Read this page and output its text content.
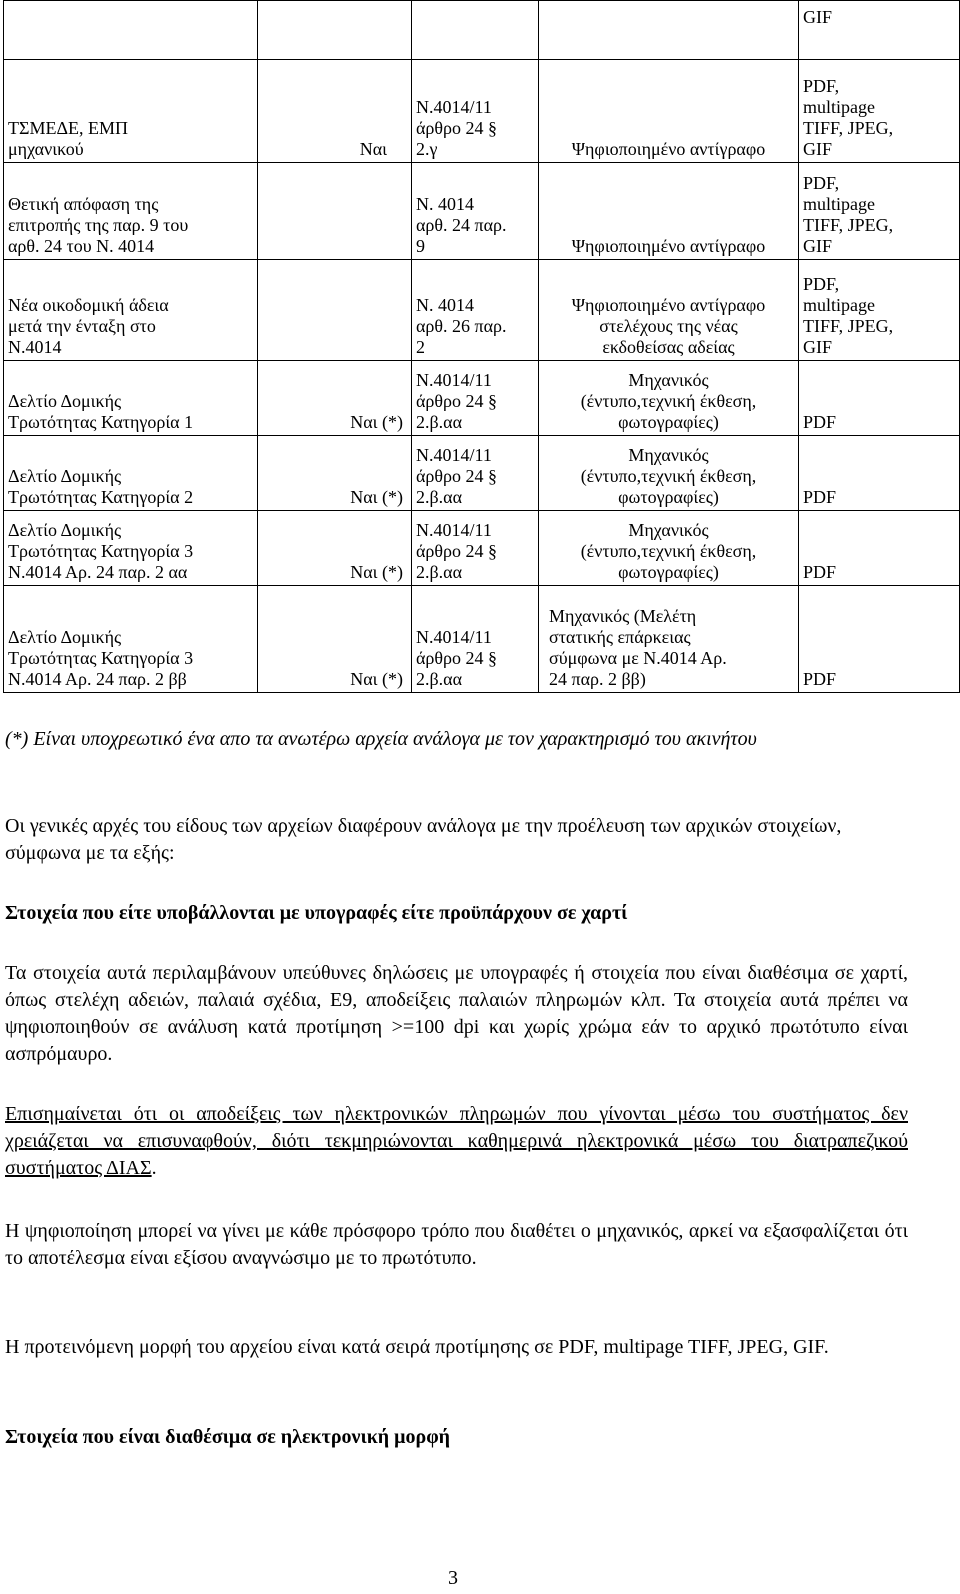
				GIF

ΤΣΜΕΔΕ, ΕΜΠ
μηχανικού	Ναι	Ν.4014/11
άρθρο 24 §
2.γ	Ψηφιοποιημένο αντίγραφο	PDF,
multipage
TIFF, JPEG,
GIF

Θετική απόφαση της
επιτροπής της παρ. 9 του
αρθ. 24 του Ν. 4014		Ν. 4014
αρθ. 24 παρ.
9	Ψηφιοποιημένο αντίγραφο	PDF,
multipage
TIFF, JPEG,
GIF

Νέα οικοδομική άδεια
μετά την ένταξη στο
Ν.4014		Ν. 4014
αρθ. 26 παρ.
2	Ψηφιοποιημένο αντίγραφο
στελέχους της νέας
εκδοθείσας αδείας	PDF,
multipage
TIFF, JPEG,
GIF

Δελτίο Δομικής
Τρωτότητας Κατηγορία 1	Ναι (*)	Ν.4014/11
άρθρο 24 §
2.β.αα	Μηχανικός
(έντυπο,τεχνική έκθεση,
φωτογραφίες)	PDF

Δελτίο Δομικής
Τρωτότητας Κατηγορία 2	Ναι (*)	Ν.4014/11
άρθρο 24 §
2.β.αα	Μηχανικός
(έντυπο,τεχνική έκθεση,
φωτογραφίες)	PDF

Δελτίο Δομικής
Τρωτότητας Κατηγορία 3
Ν.4014 Αρ. 24 παρ. 2 αα	Ναι (*)	Ν.4014/11
άρθρο 24 §
2.β.αα	Μηχανικός
(έντυπο,τεχνική έκθεση,
φωτογραφίες)	PDF

Δελτίο Δομικής
Τρωτότητας Κατηγορία 3
Ν.4014 Αρ. 24 παρ. 2 ββ	Ναι (*)	Ν.4014/11
άρθρο 24 §
2.β.αα	Μηχανικός (Μελέτη
στατικής επάρκειας
σύμφωνα με Ν.4014 Αρ.
24 παρ. 2 ββ)	PDF
(*) Είναι υποχρεωτικό ένα απο τα ανωτέρω αρχεία ανάλογα με τον χαρακτηρισμό του ακινήτου
Οι γενικές αρχές του είδους των αρχείων διαφέρουν ανάλογα με την προέλευση των αρχικών στοιχείων, σύμφωνα με τα εξής:
Στοιχεία που είτε υποβάλλονται με υπογραφές είτε προϋπάρχουν σε χαρτί
Τα στοιχεία αυτά περιλαμβάνουν υπεύθυνες δηλώσεις με υπογραφές ή στοιχεία που είναι διαθέσιμα σε χαρτί, όπως στελέχη αδειών, παλαιά σχέδια, Ε9, αποδείξεις παλαιών πληρωμών κλπ. Τα στοιχεία αυτά πρέπει να ψηφιοποιηθούν σε ανάλυση κατά προτίμηση >=100 dpi και χωρίς χρώμα εάν το αρχικό πρωτότυπο είναι ασπρόμαυρο.
Επισημαίνεται ότι οι αποδείξεις των ηλεκτρονικών πληρωμών που γίνονται μέσω του συστήματος δεν χρειάζεται να επισυναφθούν, διότι τεκμηριώνονται καθημερινά ηλεκτρονικά μέσω του διατραπεζικού συστήματος ΔΙΑΣ.
Η ψηφιοποίηση μπορεί να γίνει με κάθε πρόσφορο τρόπο που διαθέτει ο μηχανικός, αρκεί να εξασφαλίζεται ότι το αποτέλεσμα είναι εξίσου αναγνώσιμο με το πρωτότυπο.
Η προτεινόμενη μορφή του αρχείου είναι κατά σειρά προτίμησης σε PDF, multipage TIFF, JPEG, GIF.
Στοιχεία που είναι διαθέσιμα σε ηλεκτρονική μορφή
3
